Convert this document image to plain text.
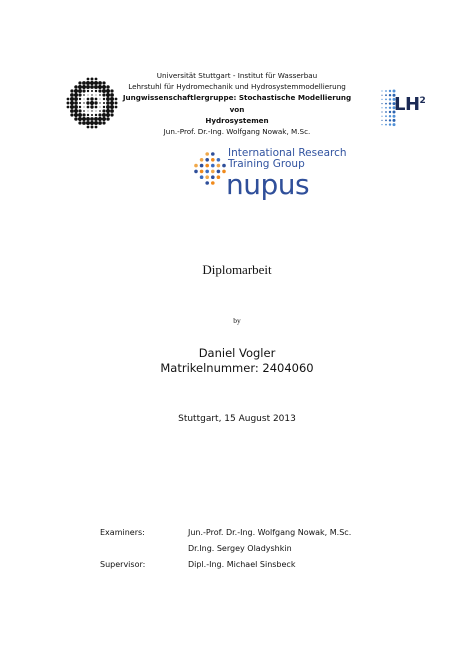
Universität Stuttgart - Institut für Wasserbau
Lehrstuhl für Hydromechanik und Hydrosystemmodellierung
Jungwissenschaftlergruppe: Stochastische Modellierung von
Hydrosystemen
Jun.-Prof. Dr.-Ing. Wolfgang Nowak, M.Sc.
$LH^2$
International Research
Training Group
nupus
Diplomarbeit
by
Daniel Vogler
Matrikelnummer: 2404060
Stuttgart, 15 August 2013
Examiners:	Jun.-Prof. Dr.-Ing. Wolfgang Nowak, M.Sc.
Dr.Ing. Sergey Oladyshkin
Supervisor:	Dipl.-Ing. Michael Sinsbeck
